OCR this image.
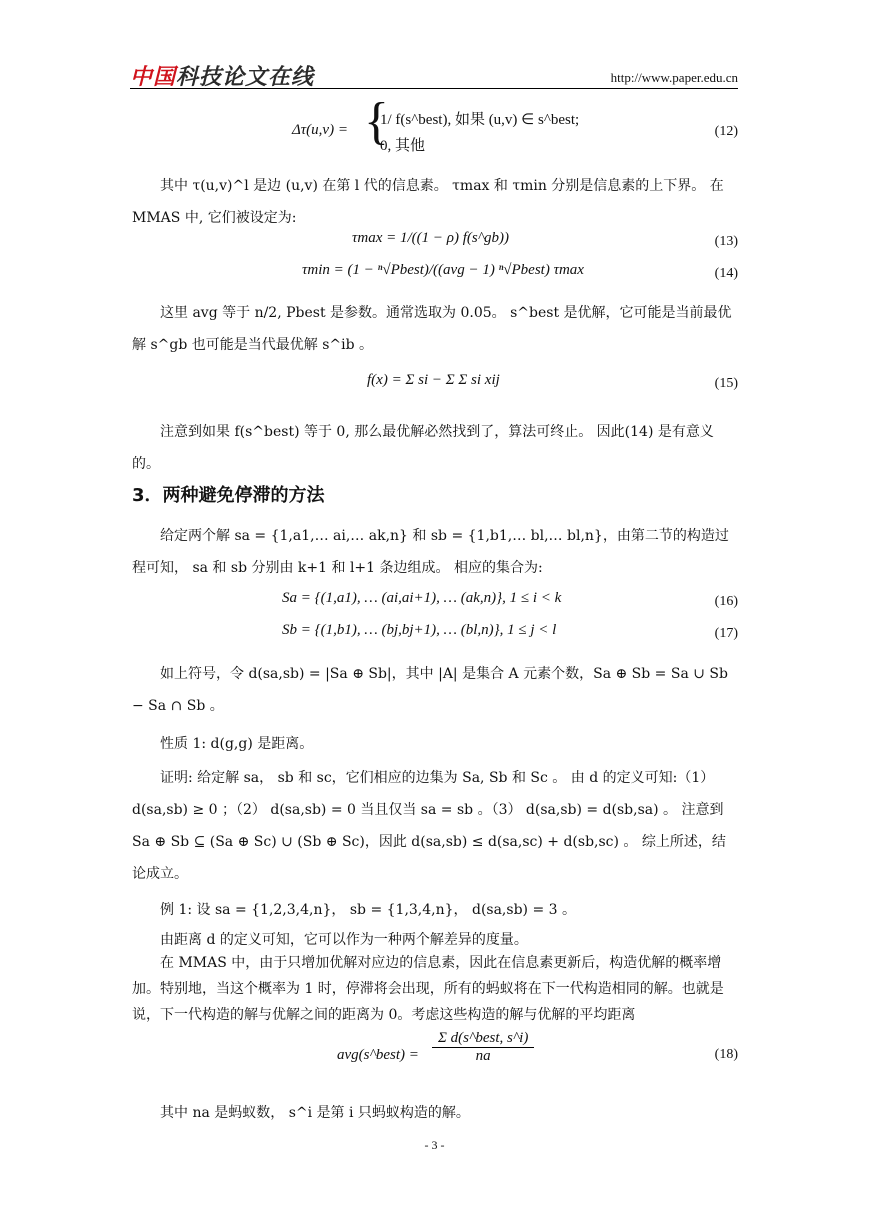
中国科技论文在线	http://www.paper.edu.cn
Δτ(u,v) = {
1/ f(s^best), 如果 (u,v) ∈ s^best;
0, 其他
(12)
其中 τ(u,v)^l 是边 (u,v) 在第 l 代的信息素。 τmax 和 τmin 分别是信息素的上下界。 在 MMAS 中, 它们被设定为:
τmax = 1/((1 − ρ) f(s^gb))	(13)
τmin = (1 − ⁿ√Pbest)/((avg − 1) ⁿ√Pbest) τmax	(14)
这里 avg 等于 n/2, Pbest 是参数。通常选取为 0.05。 s^best 是优解，它可能是当前最优解 s^gb 也可能是当代最优解 s^ib 。
f(x) = Σ si − Σ Σ si xij	(15)
注意到如果 f(s^best) 等于 0, 那么最优解必然找到了，算法可终止。 因此(14) 是有意义的。
3．两种避免停滞的方法
给定两个解 sa = {1,a1,… ai,… ak,n} 和 sb = {1,b1,… bl,… bl,n}，由第二节的构造过程可知， sa 和 sb 分别由 k+1 和 l+1 条边组成。 相应的集合为:
Sa = {(1,a1), … (ai,ai+1), … (ak,n)}, 1 ≤ i < k	(16)
Sb = {(1,b1), … (bj,bj+1), … (bl,n)}, 1 ≤ j < l	(17)
如上符号，令 d(sa,sb) = |Sa ⊕ Sb|，其中 |A| 是集合 A 元素个数，Sa ⊕ Sb = Sa ∪ Sb − Sa ∩ Sb 。
性质 1: d(g,g) 是距离。
证明: 给定解 sa， sb 和 sc，它们相应的边集为 Sa, Sb 和 Sc 。 由 d 的定义可知:（1） d(sa,sb) ≥ 0 ；（2） d(sa,sb) = 0 当且仅当 sa = sb 。（3） d(sa,sb) = d(sb,sa) 。 注意到 Sa ⊕ Sb ⊆ (Sa ⊕ Sc) ∪ (Sb ⊕ Sc)，因此 d(sa,sb) ≤ d(sa,sc) + d(sb,sc) 。 综上所述，结论成立。
例 1: 设 sa = {1,2,3,4,n}， sb = {1,3,4,n}， d(sa,sb) = 3 。
由距离 d 的定义可知，它可以作为一种两个解差异的度量。
在 MMAS 中，由于只增加优解对应边的信息素，因此在信息素更新后，构造优解的概率增加。特别地，当这个概率为 1 时，停滞将会出现，所有的蚂蚁将在下一代构造相同的解。也就是说，下一代构造的解与优解之间的距离为 0。考虑这些构造的解与优解的平均距离
avg(s^best) = $\frac{\text{Σ d(s\textasciicircum{}best, s\textasciicircum{}i)}}{na}$	(18)
其中 na 是蚂蚁数， s^i 是第 i 只蚂蚁构造的解。
- 3 -
